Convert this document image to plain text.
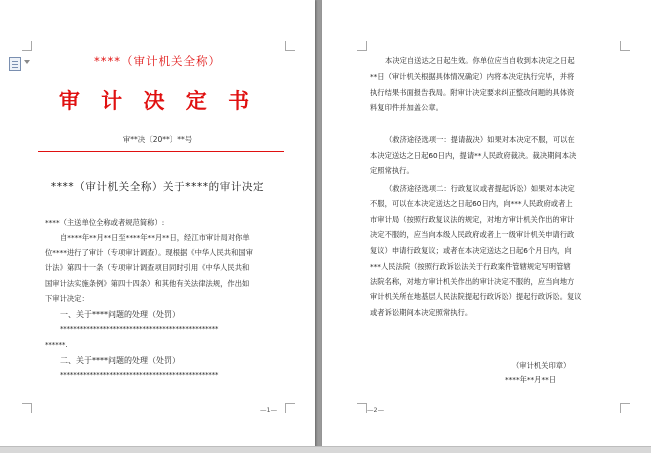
****（审计机关全称）
审 计 决 定 书
审**决〔20**〕**号
****（审计机关全称）关于****的审计决定
****（主送单位全称或者规范简称）:
自****年**月**日至****年**月**日，经江市审计局对你单
位****进行了审计（专项审计调查）。现根据《中华人民共和国审
计法》第四十一条（专项审计调查项目同时引用《中华人民共和
国审计法实施条例》第四十四条）和其他有关法律法规，作出如
下审计决定：
一、关于****问题的处理（处罚）
************************************************
******.
二、关于****问题的处理（处罚）
************************************************
—1—
本决定自送达之日起生效。你单位应当自收到本决定之日起
**日（审计机关根据具体情况确定）内将本决定执行完毕，并将
执行结果书面报告我局。附审计决定要求纠正整改问题的具体资
料复印件并加盖公章。
（救济途径选项一：提请裁决）如果对本决定不服，可以在
本决定送达之日起60日内，提请**人民政府裁决。裁决期间本决
定照常执行。
（救济途径选项二：行政复议或者提起诉讼）如果对本决定
不服，可以在本决定送达之日起60日内，向***人民政府或者上
市审计局（按照行政复议法的规定，对地方审计机关作出的审计
决定不服的，应当向本级人民政府或者上一级审计机关申请行政
复议）申请行政复议；或者在本决定送达之日起6个月日内，向
***人民法院（按照行政诉讼法关于行政案件管辖规定写明管辖
法院名称，对地方审计机关作出的审计决定不服的，应当向地方
审计机关所在地基层人民法院提起行政诉讼）提起行政诉讼。复议
或者诉讼期间本决定照常执行。
（审计机关印章）
****年**月**日
—2—
